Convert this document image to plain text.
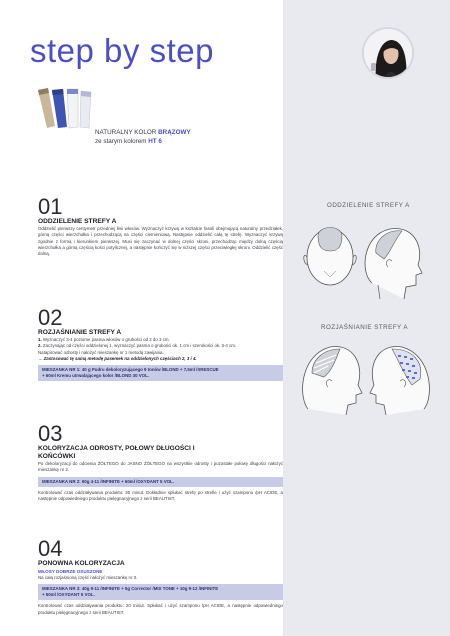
step by step
NATURALNY KOLOR BRĄZOWY
ze starym kolorem HT 6
01
ODDZIELENIE STREFY A
Oddzielić pierwszy centymetr przedniej linii włosów. Wyznaczyć krzywą w kształcie fasoli obejmującą naturalny przedziałek, górną części wierzchołka i przechodzącą na części ciemieniową. Następnie oddzielić całą tę strefę. Wyznaczyć krzywą zgodnie z formą i kierunkiem pierwszej. Musi się zaczynać w dolnej części skroni, przechodząc między dolną częścią wierzchołka a górną częścią kości potylicznej, a następnie kończyć się w niższej części przeciwległej skroni. Oddzielić część dolną.
02
ROZJAŚNIANIE STREFY A
1. Wyznaczyć 3-4 poziome pasma włosów o grubości od 2 do 3 cm.
2. Zaczynając od części oddzielonej 1, wyznaczyć pasma o grubości ok. 1 cm i szerokości ok. 3-4 cm.
Natapirować odrosty i nałożyć mieszankę nr 1 metodą zawijania.
→ Zastosować tę samą metodę pasemek na oddzielonych częściach 2, 3 i 4.
MIESZANKA NR 1: 40 g Pudru dekoloryzującego 9 tonów /BLOND + 7,5ml /XRESCUE
+ 60ml Kremu utrwalającego kolor /BLOND 30 VOL.
03
KOLORYZACJA ODROSTY, POŁOWY DŁUGOŚCI I
KOŃCÓWKI
Po dekoloryzacji do odcienia ŻÓŁTEGO do JASNO ŻÓŁTEGO na wszystkie odrosty i pozostałe połowy długości nałożyć mieszankę nr 2.
MIESZANKA NR 2: 60g 4-11 /INFINITE + 60ml /OXYDANT 5 VOL.
Kontrolować czas oddziaływania produktu: 30 minut. Dokładnie spłukać strefę po strefie i użyć szamponu /pH ACIDE, a następnie odpowiedniego produktu pielęgnacyjnego z serii BEAUTIST.
04
PONOWNA KOLORYZACJA
WŁOSY DOBRZE OSUSZONE
Na całą rozjaśnioną część nałożyć mieszankę nr 3.
MIESZANKA NR 3: 40g 9-11 /INFINITE + 5g Corrector /MIX TONE + 10g 9-12 /INFINITE
+ 50ml /OXYDANT 5 VOL.
Kontrolować czas oddziaływania produktu: 20 minut. Spłukać i użyć szamponu /pH ACIDE, a następnie odpowiedniego produktu pielęgnacyjnego z serii BEAUTIST.
ODDZIELENIE STREFY A
ROZJAŚNIANIE STREFY A
